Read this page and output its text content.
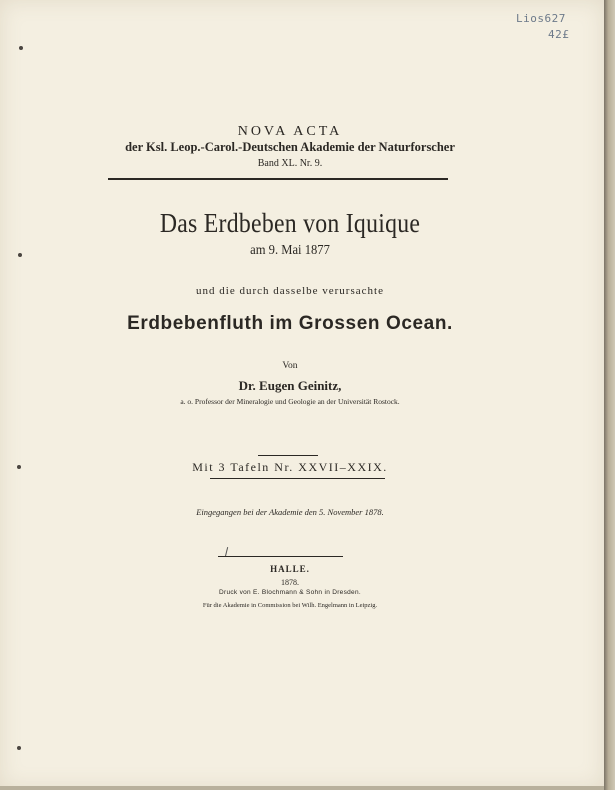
Lios627
42£
NOVA ACTA
der Ksl. Leop.-Carol.-Deutschen Akademie der Naturforscher
Band XL. Nr. 9.
Das Erdbeben von Iquique
am 9. Mai 1877
und die durch dasselbe verursachte
Erdbebenfluth im Grossen Ocean.
Von
Dr. Eugen Geinitz,
a. o. Professor der Mineralogie und Geologie an der Universität Rostock.
Mit 3 Tafeln Nr. XXVII–XXIX.
Eingegangen bei der Akademie den 5. November 1878.
HALLE.
1878.
Druck von E. Blochmann & Sohn in Dresden.
Für die Akademie in Commission bei Wilh. Engelmann in Leipzig.
